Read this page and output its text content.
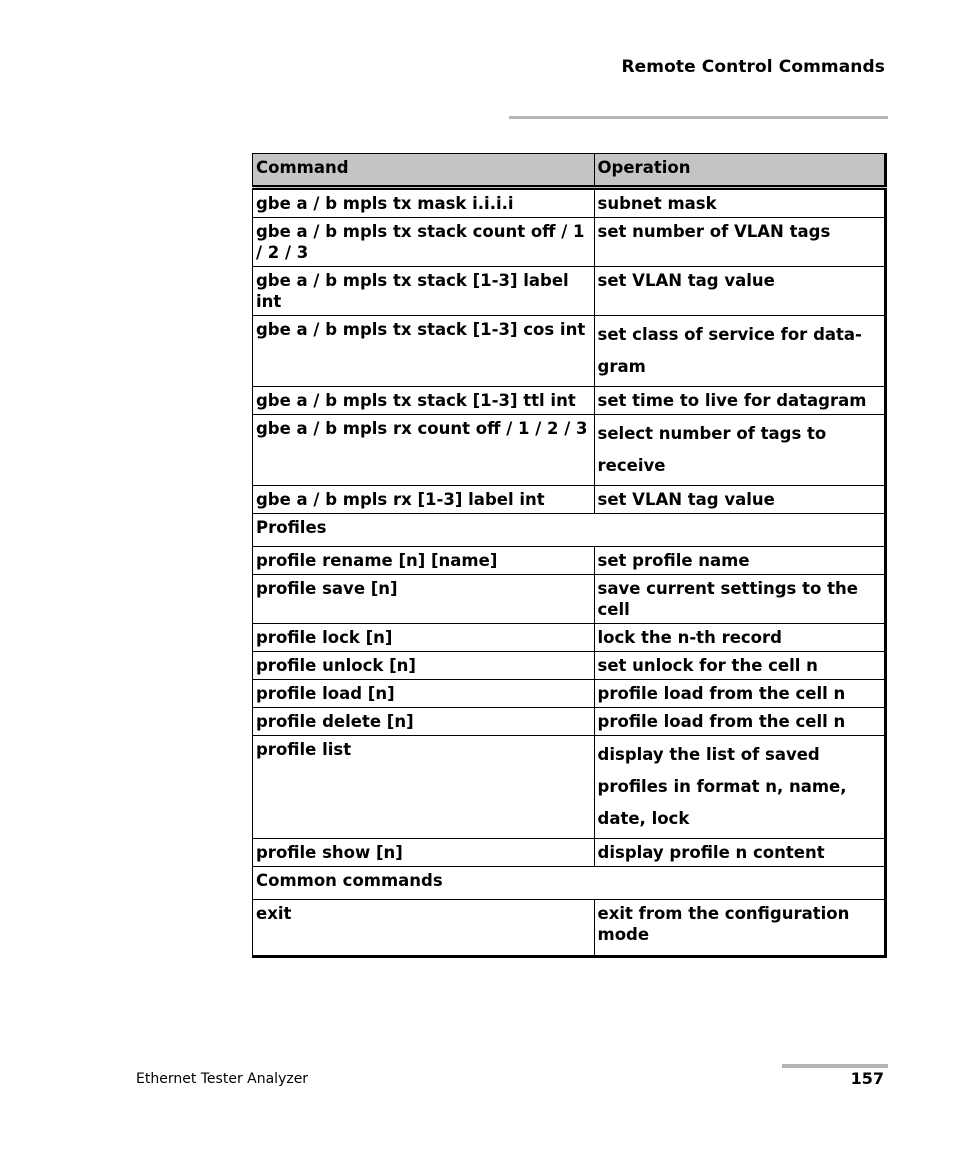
Remote Control Commands
Command	Operation
gbe a / b mpls tx mask i.i.i.i	subnet mask
gbe a / b mpls tx stack count off / 1 / 2 / 3	set number of VLAN tags
gbe a / b mpls tx stack [1-3] label int	set VLAN tag value
gbe a / b mpls tx stack [1-3] cos int	set class of service for data-gram
gbe a / b mpls tx stack [1-3] ttl int	set time to live for datagram
gbe a / b mpls rx count off / 1 / 2 / 3	select number of tags to receive
gbe a / b mpls rx [1-3] label int	set VLAN tag value
Profiles	
profile rename [n] [name]	set profile name
profile save [n]	save current settings to the cell
profile lock [n]	lock the n-th record
profile unlock [n]	set unlock for the cell n
profile load [n]	profile load from the cell n
profile delete [n]	profile load from the cell n
profile list	display the list of saved profiles in format n, name, date, lock
profile show [n]	display profile n content
Common commands	
exit	exit from the configuration mode
Ethernet Tester Analyzer	157
